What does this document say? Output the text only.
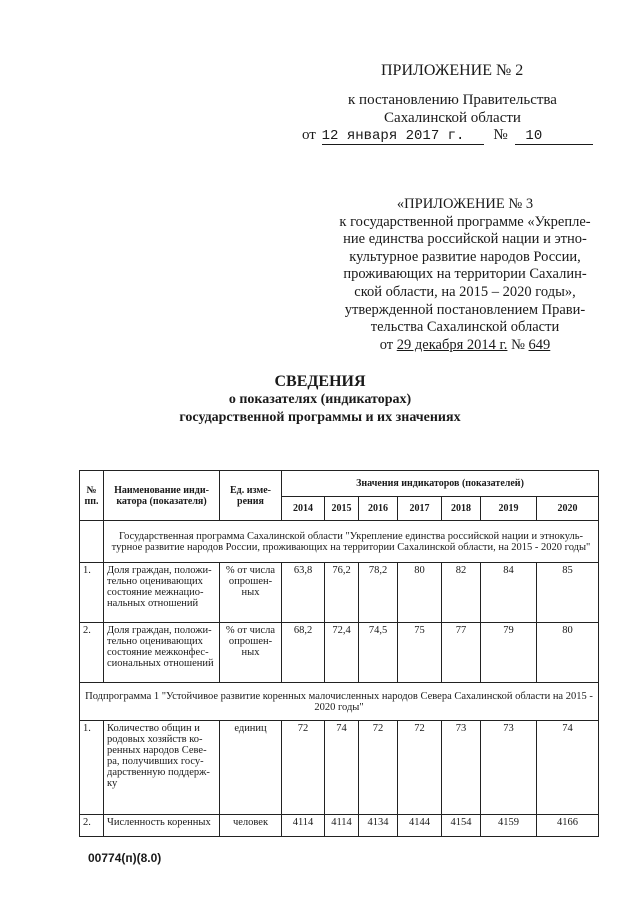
ПРИЛОЖЕНИЕ № 2
к постановлению Правительства
Сахалинской области
от 12 января 2017 г. № 10
«ПРИЛОЖЕНИЕ № 3
к государственной программе «Укрепле-
ние единства российской нации и этно-
культурное развитие народов России,
проживающих на территории Сахалин-
ской области, на 2015 – 2020 годы»,
утвержденной постановлением Прави-
тельства Сахалинской области
от 29 декабря 2014 г. № 649
СВЕДЕНИЯ
о показателях (индикаторах)
государственной программы и их значениях
№ пп.	Наименование инди-катора (показателя)	Ед. изме-рения	Значения индикаторов (показателей)						
			2014	2015	2016	2017	2018	2019	2020
	Государственная программа Сахалинской области "Укрепление единства российской нации и этнокуль-турное развитие народов России, проживающих на территории Сахалинской области, на 2015 - 2020 годы"								
1.	Доля граждан, положи-тельно оценивающих состояние межнацио-нальных отношений	% от числа опрошен-ных	63,8	76,2	78,2	80	82	84	85
2.	Доля граждан, положи-тельно оценивающих состояние межконфес-сиональных отношений	% от числа опрошен-ных	68,2	72,4	74,5	75	77	79	80
Подпрограмма 1 "Устойчивое развитие коренных малочисленных народов Севера Сахалинской области на 2015 - 2020 годы"									
1.	Количество общин и родовых хозяйств ко-ренных народов Севе-ра, получивших госу-дарственную поддерж-ку	единиц	72	74	72	72	73	73	74
2.	Численность коренных	человек	4114	4114	4134	4144	4154	4159	4166
00774(п)(8.0)
